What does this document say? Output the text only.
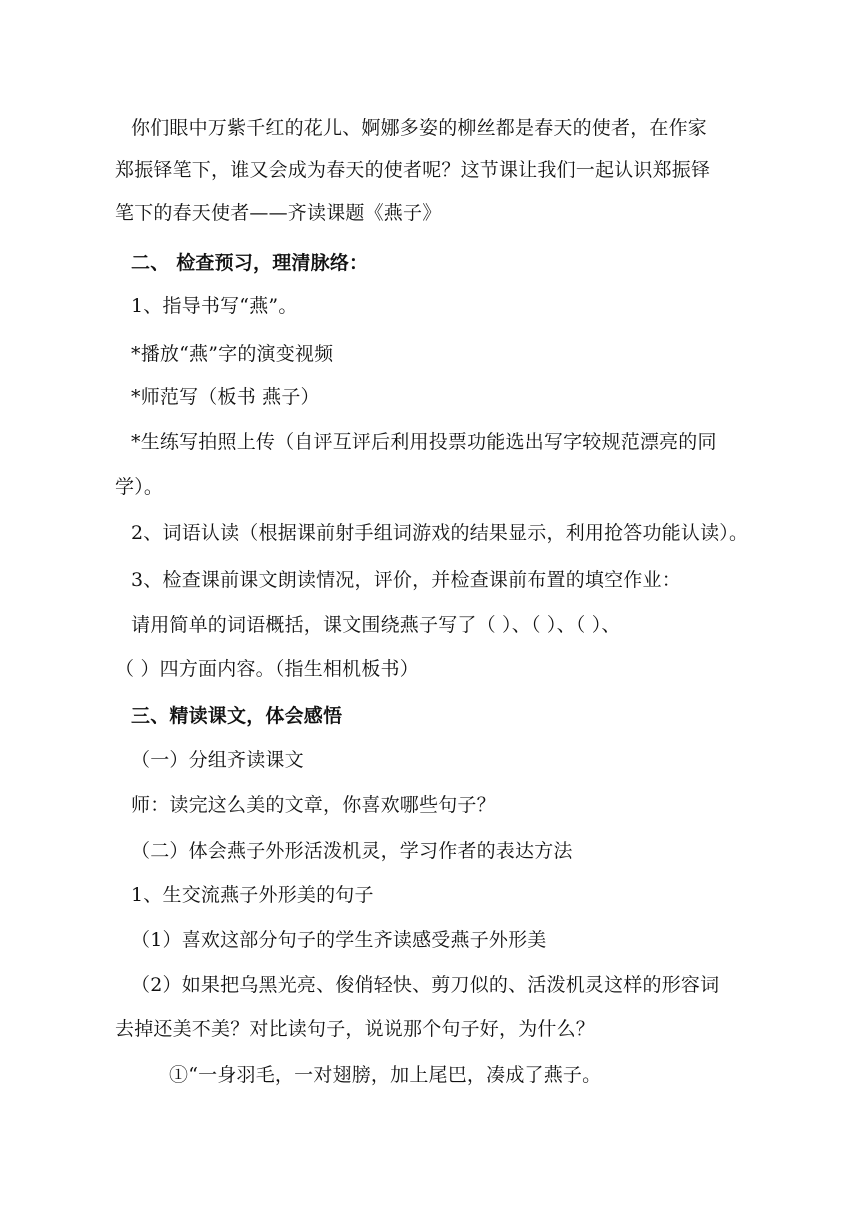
你们眼中万紫千红的花儿、婀娜多姿的柳丝都是春天的使者，在作家
郑振铎笔下，谁又会成为春天的使者呢？这节课让我们一起认识郑振铎
笔下的春天使者——齐读课题《燕子》
二、 检查预习，理清脉络：
1、指导书写“燕”。
*播放“燕”字的演变视频
*师范写（板书 燕子）
*生练写拍照上传（自评互评后利用投票功能选出写字较规范漂亮的同
学）。
2、词语认读（根据课前射手组词游戏的结果显示，利用抢答功能认读）。
3、检查课前课文朗读情况，评价，并检查课前布置的填空作业：
请用简单的词语概括，课文围绕燕子写了（ ）、（ ）、（ ）、
（ ）四方面内容。（指生相机板书）
三、精读课文，体会感悟
（一）分组齐读课文
师：读完这么美的文章，你喜欢哪些句子？
（二）体会燕子外形活泼机灵，学习作者的表达方法
1、生交流燕子外形美的句子
（1）喜欢这部分句子的学生齐读感受燕子外形美
（2）如果把乌黑光亮、俊俏轻快、剪刀似的、活泼机灵这样的形容词
去掉还美不美？对比读句子，说说那个句子好，为什么？
①“一身羽毛，一对翅膀，加上尾巴，凑成了燕子。
